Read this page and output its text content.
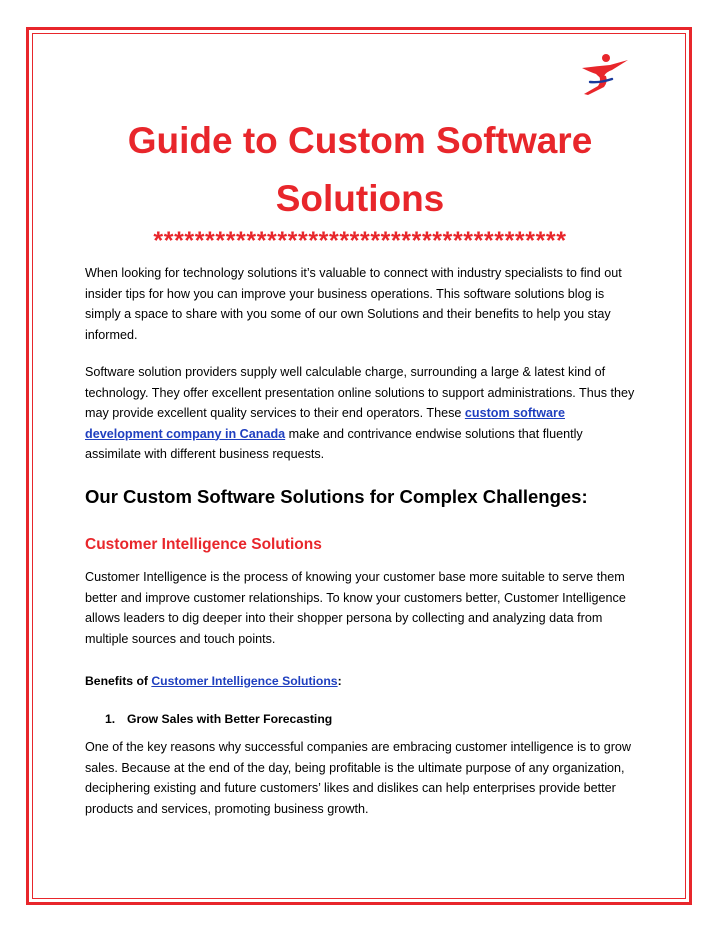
Guide to Custom Software Solutions
****************************************
When looking for technology solutions it’s valuable to connect with industry specialists to find out insider tips for how you can improve your business operations. This software solutions blog is simply a space to share with you some of our own Solutions and their benefits to help you stay informed.
Software solution providers supply well calculable charge, surrounding a large & latest kind of technology. They offer excellent presentation online solutions to support administrations. Thus they may provide excellent quality services to their end operators. These custom software development company in Canada make and contrivance endwise solutions that fluently assimilate with different business requests.
Our Custom Software Solutions for Complex Challenges:
Customer Intelligence Solutions
Customer Intelligence is the process of knowing your customer base more suitable to serve them better and improve customer relationships. To know your customers better, Customer Intelligence allows leaders to dig deeper into their shopper persona by collecting and analyzing data from multiple sources and touch points.
Benefits of Customer Intelligence Solutions:
1. Grow Sales with Better Forecasting
One of the key reasons why successful companies are embracing customer intelligence is to grow sales. Because at the end of the day, being profitable is the ultimate purpose of any organization, deciphering existing and future customers’ likes and dislikes can help enterprises provide better products and services, promoting business growth.
